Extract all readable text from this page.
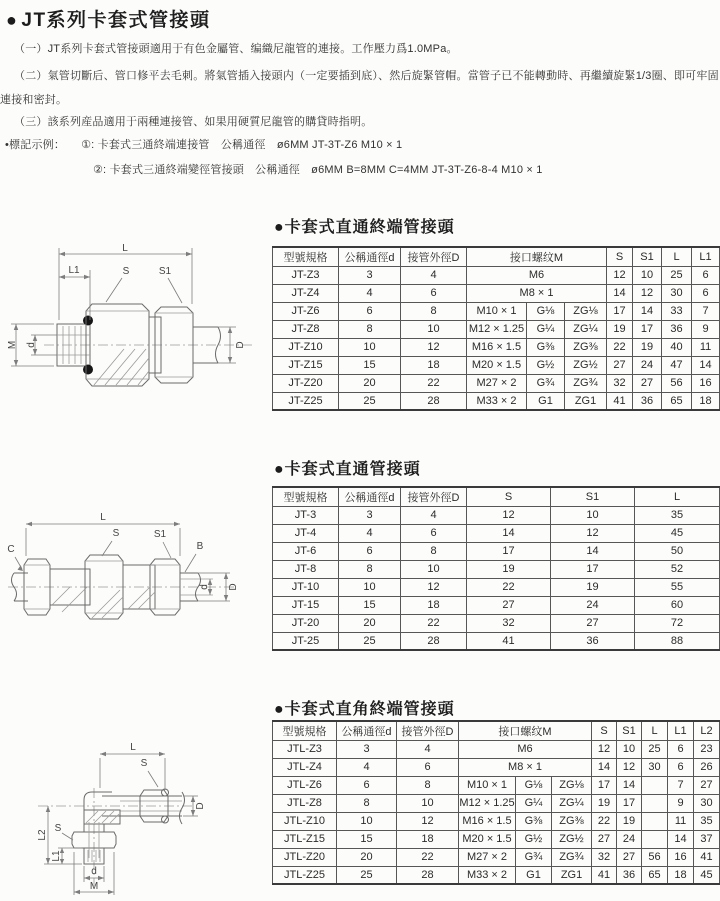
● JT系列卡套式管接頭

（一）JT系列卡套式管接頭適用于有色金屬管、编織尼龍管的連接。工作壓力爲1.0MPa。

（二）氣管切斷后、管口修平去毛刺。將氣管插入接頭内（一定要插到底）、然后旋緊管帽。當管子已不能轉動時、再繼續旋緊1/3圈、即可牢固連接和密封。

（三）該系列産品適用于兩種連接管、如果用硬質尼龍管的購貸時指明。

•標記示例： ①: 卡套式三通終端連接管　公稱通徑　ø6MM JT-3T-Z6 M10 × 1

②: 卡套式三通終端變徑管接頭　公稱通徑　ø6MM B=8MM C=4MM JT-3T-Z6-8-4 M10 × 1

L
L1	S	S1
M d	D
L
S	S1
C	B
d D
L
S
D
L2
S
L1
d
M
●卡套式直通終端管接頭
型號規格	公稱通徑d	接管外徑D	接口螺纹M			S	S1	L	L1
JT-Z3	3	4	M6			12	10	25	6
JT-Z4	4	6	M8 × 1			14	12	30	6
JT-Z6	6	8	M10 × 1	G⅛	ZG⅛	17	14	33	7
JT-Z8	8	10	M12 × 1.25	G¼	ZG¼	19	17	36	9
JT-Z10	10	12	M16 × 1.5	G⅜	ZG⅜	22	19	40	11
JT-Z15	15	18	M20 × 1.5	G½	ZG½	27	24	47	14
JT-Z20	20	22	M27 × 2	G¾	ZG¾	32	27	56	16
JT-Z25	25	28	M33 × 2	G1	ZG1	41	36	65	18
●卡套式直通管接頭
型號規格	公稱通徑d	接管外徑D	S	S1	L
JT-3	3	4	12	10	35
JT-4	4	6	14	12	45
JT-6	6	8	17	14	50
JT-8	8	10	19	17	52
JT-10	10	12	22	19	55
JT-15	15	18	27	24	60
JT-20	20	22	32	27	72
JT-25	25	28	41	36	88
●卡套式直角終端管接頭
型號規格	公稱通徑d	接管外徑D	接口螺纹M			S	S1	L	L1	L2
JTL-Z3	3	4	M6			12	10	25	6	23
JTL-Z4	4	6	M8 × 1			14	12	30	6	26
JTL-Z6	6	8	M10 × 1	G⅛	ZG⅛	17	14		7	27
JTL-Z8	8	10	M12 × 1.25	G¼	ZG¼	19	17		9	30
JTL-Z10	10	12	M16 × 1.5	G⅜	ZG⅜	22	19		11	35
JTL-Z15	15	18	M20 × 1.5	G½	ZG½	27	24		14	37
JTL-Z20	20	22	M27 × 2	G¾	ZG¾	32	27	56	16	41
JTL-Z25	25	28	M33 × 2	G1	ZG1	41	36	65	18	45
